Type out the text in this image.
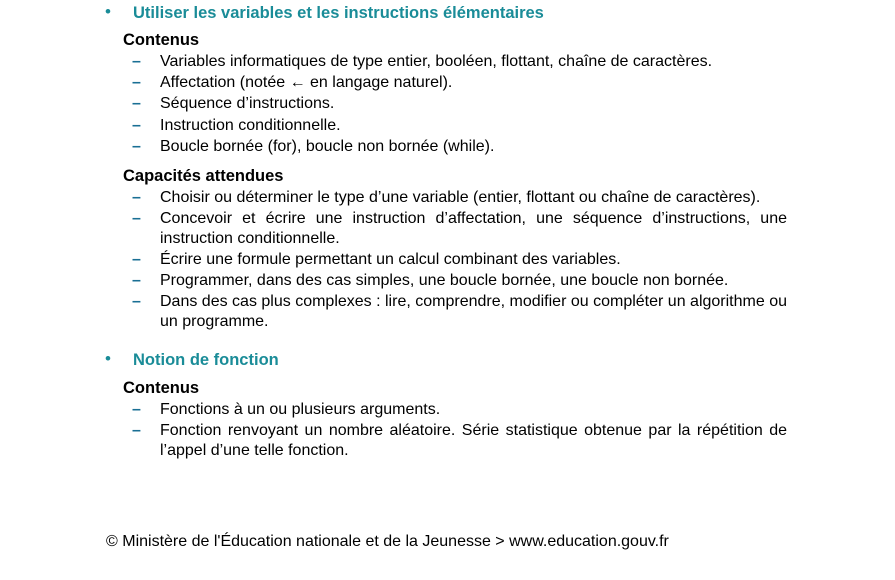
• Utiliser les variables et les instructions élémentaires
Contenus
– Variables informatiques de type entier, booléen, flottant, chaîne de caractères.
– Affectation (notée ← en langage naturel).
– Séquence d’instructions.
– Instruction conditionnelle.
– Boucle bornée (for), boucle non bornée (while).
Capacités attendues
– Choisir ou déterminer le type d’une variable (entier, flottant ou chaîne de caractères).
– Concevoir et écrire une instruction d’affectation, une séquence d’instructions, une instruction conditionnelle.
– Écrire une formule permettant un calcul combinant des variables.
– Programmer, dans des cas simples, une boucle bornée, une boucle non bornée.
– Dans des cas plus complexes : lire, comprendre, modifier ou compléter un algorithme ou un programme.
• Notion de fonction
Contenus
– Fonctions à un ou plusieurs arguments.
– Fonction renvoyant un nombre aléatoire. Série statistique obtenue par la répétition de l’appel d’une telle fonction.
© Ministère de l'Éducation nationale et de la Jeunesse > www.education.gouv.fr
